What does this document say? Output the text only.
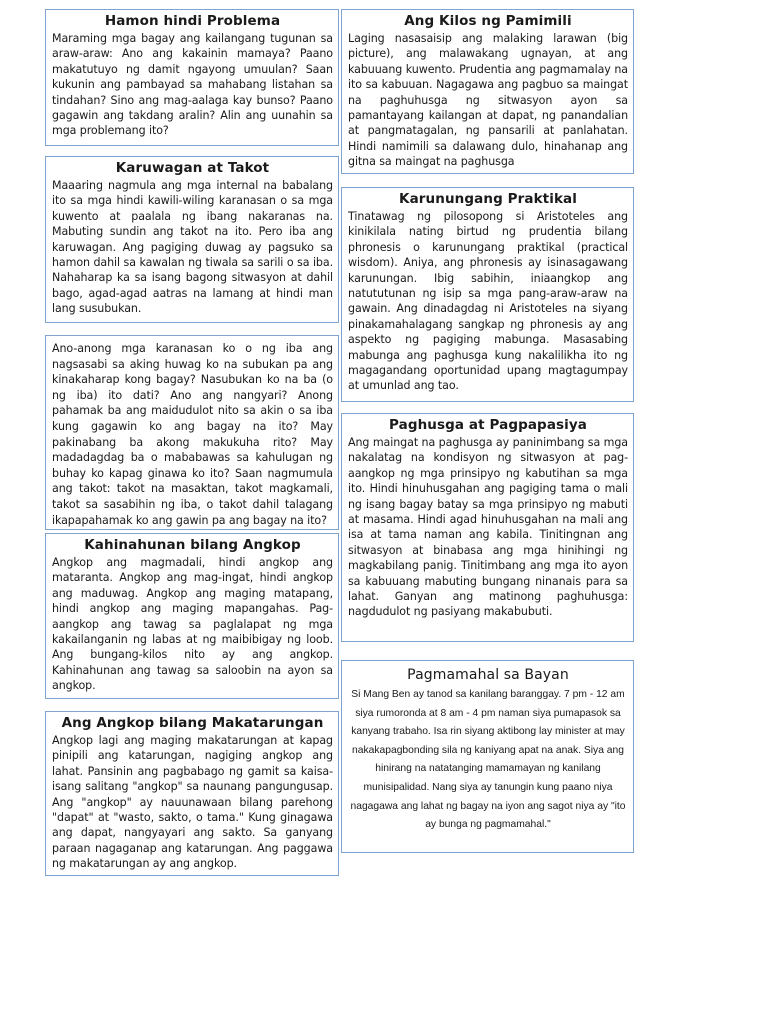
Hamon hindi Problema

Maraming mga bagay ang kailangang tugunan sa araw-araw: Ano ang kakainin mamaya? Paano makatutuyo ng damit ngayong umuulan? Saan kukunin ang pambayad sa mahabang listahan sa tindahan? Sino ang mag-aalaga kay bunso? Paano gagawin ang takdang aralin? Alin ang uunahin sa mga problemang ito?

Karuwagan at Takot

Maaaring nagmula ang mga internal na babalang ito sa mga hindi kawili-wiling karanasan o sa mga kuwento at paalala ng ibang nakaranas na. Mabuting sundin ang takot na ito. Pero iba ang karuwagan. Ang pagiging duwag ay pagsuko sa hamon dahil sa kawalan ng tiwala sa sarili o sa iba. Nahaharap ka sa isang bagong sitwasyon at dahil bago, agad-agad aatras na lamang at hindi man lang susubukan.

Ano-anong mga karanasan ko o ng iba ang nagsasabi sa aking huwag ko na subukan pa ang kinakaharap kong bagay? Nasubukan ko na ba (o ng iba) ito dati? Ano ang nangyari? Anong pahamak ba ang maidudulot nito sa akin o sa iba kung gagawin ko ang bagay na ito? May pakinabang ba akong makukuha rito? May madadagdag ba o mababawas sa kahulugan ng buhay ko kapag ginawa ko ito? Saan nagmumula ang takot: takot na masaktan, takot magkamali, takot sa sasabihin ng iba, o takot dahil talagang ikapapahamak ko ang gawin pa ang bagay na ito?

Kahinahunan bilang Angkop

Angkop ang magmadali, hindi angkop ang mataranta. Angkop ang mag-ingat, hindi angkop ang maduwag. Angkop ang maging matapang, hindi angkop ang maging mapangahas. Pag-aangkop ang tawag sa paglalapat ng mga kakailanganin ng labas at ng maibibigay ng loob. Ang bungang-kilos nito ay ang angkop. Kahinahunan ang tawag sa saloobin na ayon sa angkop.

Ang Angkop bilang Makatarungan

Angkop lagi ang maging makatarungan at kapag pinipili ang katarungan, nagiging angkop ang lahat. Pansinin ang pagbabago ng gamit sa kaisa-isang salitang "angkop" sa naunang pangungusap. Ang "angkop" ay nauunawaan bilang parehong "dapat" at "wasto, sakto, o tama." Kung ginagawa ang dapat, nangyayari ang sakto. Sa ganyang paraan nagaganap ang katarungan. Ang paggawa ng makatarungan ay ang angkop.

Ang Kilos ng Pamimili

Laging nasasaisip ang malaking larawan (big picture), ang malawakang ugnayan, at ang kabuuang kuwento. Prudentia ang pagmamalay na ito sa kabuuan. Nagagawa ang pagbuo sa maingat na paghuhusga ng sitwasyon ayon sa pamantayang kailangan at dapat, ng panandalian at pangmatagalan, ng pansarili at panlahatan. Hindi namimili sa dalawang dulo, hinahanap ang gitna sa maingat na paghusga

Karunungang Praktikal

Tinatawag ng pilosopong si Aristoteles ang kinikilala nating birtud ng prudentia bilang phronesis o karunungang praktikal (practical wisdom). Aniya, ang phronesis ay isinasagawang karunungan. Ibig sabihin, iniaangkop ang natututunan ng isip sa mga pang-araw-araw na gawain. Ang dinadagdag ni Aristoteles na siyang pinakamahalagang sangkap ng phronesis ay ang aspekto ng pagiging mabunga. Masasabing mabunga ang paghusga kung nakalilikha ito ng magagandang oportunidad upang magtagumpay at umunlad ang tao.

Paghusga at Pagpapasiya

Ang maingat na paghusga ay paninimbang sa mga nakalatag na kondisyon ng sitwasyon at pag-aangkop ng mga prinsipyo ng kabutihan sa mga ito. Hindi hinuhusgahan ang pagiging tama o mali ng isang bagay batay sa mga prinsipyo ng mabuti at masama. Hindi agad hinuhusgahan na mali ang isa at tama naman ang kabila. Tinitingnan ang sitwasyon at binabasa ang mga hinihingi ng magkabilang panig. Tinitimbang ang mga ito ayon sa kabuuang mabuting bungang ninanais para sa lahat. Ganyan ang matinong paghuhusga: nagdudulot ng pasiyang makabubuti.

Pagmamahal sa Bayan

Si Mang Ben ay tanod sa kanilang baranggay. 7 pm - 12 am siya rumoronda at 8 am - 4 pm naman siya pumapasok sa kanyang trabaho. Isa rin siyang aktibong lay minister at may nakakapagbonding sila ng kaniyang apat na anak. Siya ang hinirang na natatanging mamamayan ng kanilang munisipalidad. Nang siya ay tanungin kung paano niya nagagawa ang lahat ng bagay na iyon ang sagot niya ay "ito ay bunga ng pagmamahal."
